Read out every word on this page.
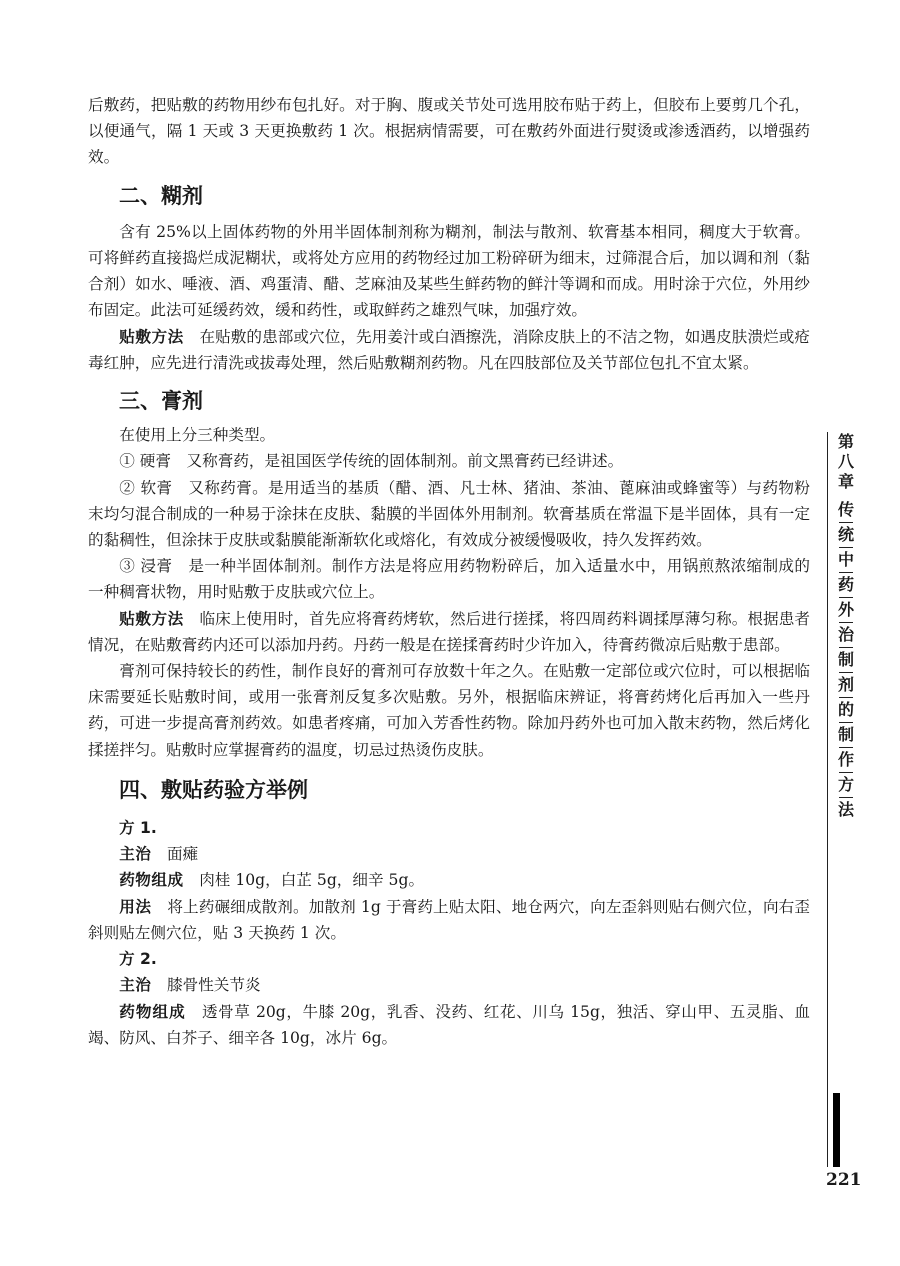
后敷药，把贴敷的药物用纱布包扎好。对于胸、腹或关节处可选用胶布贴于药上，但胶布上要剪几个孔，以便通气，隔 1 天或 3 天更换敷药 1 次。根据病情需要，可在敷药外面进行熨烫或渗透酒药，以增强药效。

二、糊剂

含有 25%以上固体药物的外用半固体制剂称为糊剂，制法与散剂、软膏基本相同，稠度大于软膏。可将鲜药直接捣烂成泥糊状，或将处方应用的药物经过加工粉碎研为细末，过筛混合后，加以调和剂（黏合剂）如水、唾液、酒、鸡蛋清、醋、芝麻油及某些生鲜药物的鲜汁等调和而成。用时涂于穴位，外用纱布固定。此法可延缓药效，缓和药性，或取鲜药之雄烈气味，加强疗效。

贴敷方法　 在贴敷的患部或穴位，先用姜汁或白酒擦洗，消除皮肤上的不洁之物，如遇皮肤溃烂或疮毒红肿，应先进行清洗或拔毒处理，然后贴敷糊剂药物。凡在四肢部位及关节部位包扎不宜太紧。

三、膏剂

在使用上分三种类型。

① 硬膏　 又称膏药，是祖国医学传统的固体制剂。前文黑膏药已经讲述。

② 软膏　 又称药膏。是用适当的基质（醋、酒、凡士林、猪油、茶油、蓖麻油或蜂蜜等）与药物粉末均匀混合制成的一种易于涂抹在皮肤、黏膜的半固体外用制剂。软膏基质在常温下是半固体，具有一定的黏稠性，但涂抹于皮肤或黏膜能渐渐软化或熔化，有效成分被缓慢吸收，持久发挥药效。

③ 浸膏　 是一种半固体制剂。制作方法是将应用药物粉碎后，加入适量水中，用锅煎熬浓缩制成的一种稠膏状物，用时贴敷于皮肤或穴位上。

贴敷方法　 临床上使用时，首先应将膏药烤软，然后进行搓揉，将四周药料调揉厚薄匀称。根据患者情况，在贴敷膏药内还可以添加丹药。丹药一般是在搓揉膏药时少许加入，待膏药微凉后贴敷于患部。

膏剂可保持较长的药性，制作良好的膏剂可存放数十年之久。在贴敷一定部位或穴位时，可以根据临床需要延长贴敷时间，或用一张膏剂反复多次贴敷。另外，根据临床辨证，将膏药烤化后再加入一些丹药，可进一步提高膏剂药效。如患者疼痛，可加入芳香性药物。除加丹药外也可加入散末药物，然后烤化揉搓拌匀。贴敷时应掌握膏药的温度，切忌过热烫伤皮肤。

四、敷贴药验方举例

方 1.

主治　 面瘫

药物组成　 肉桂 10g，白芷 5g，细辛 5g。

用法　 将上药碾细成散剂。加散剂 1g 于膏药上贴太阳、地仓两穴，向左歪斜则贴右侧穴位，向右歪斜则贴左侧穴位，贴 3 天换药 1 次。

方 2.

主治　 膝骨性关节炎

药物组成　 透骨草 20g，牛膝 20g，乳香、没药、红花、川乌 15g，独活、穿山甲、五灵脂、血竭、防风、白芥子、细辛各 10g，冰片 6g。

第
八
章
传
统
中
药
外
治
制
剂
的
制
作
方
法
221
